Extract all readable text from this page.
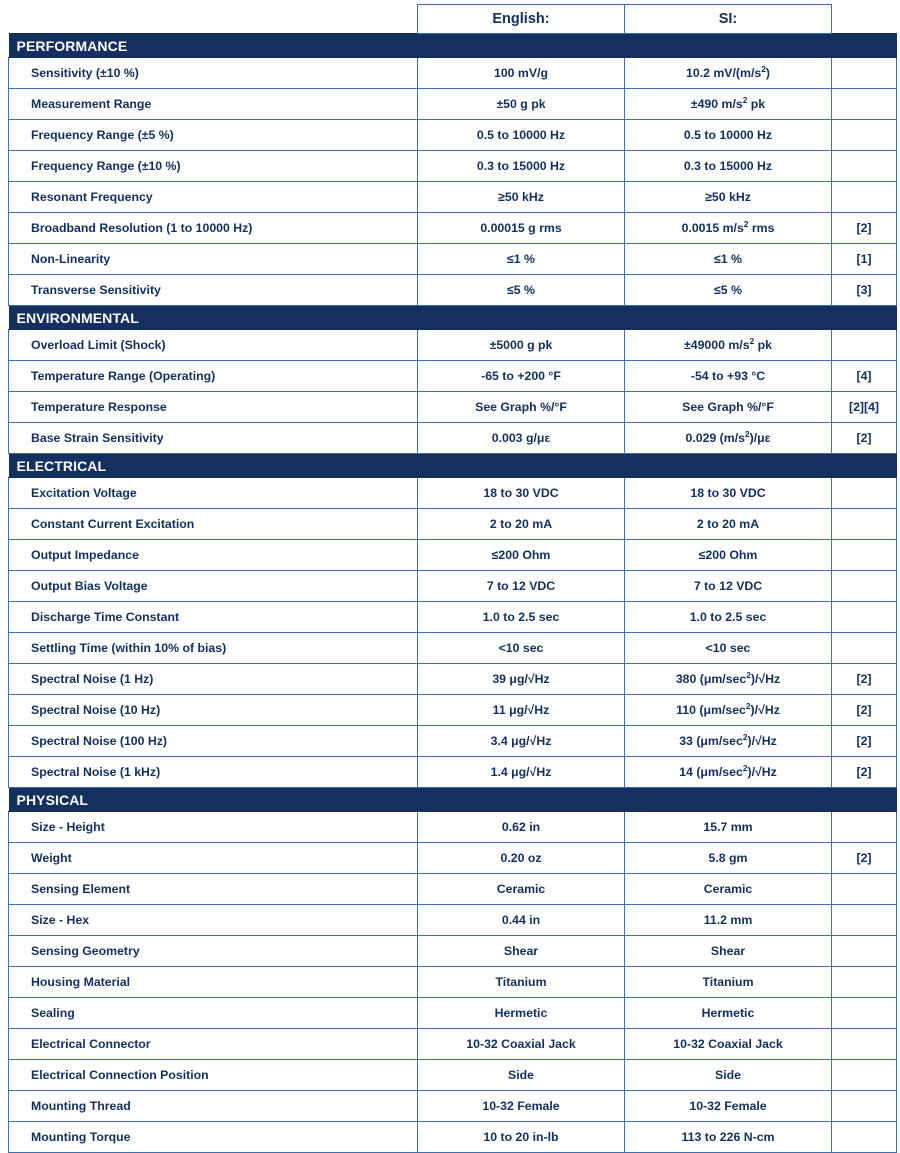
	English:	SI:	
PERFORMANCE			
Sensitivity (±10 %)	100 mV/g	10.2 $mV/(m/s^2)$	
Measurement Range	±50 g pk	±490 $m/s^2$ pk	
Frequency Range (±5 %)	0.5 to 10000 Hz	0.5 to 10000 Hz	
Frequency Range (±10 %)	0.3 to 15000 Hz	0.3 to 15000 Hz	
Resonant Frequency	≥50 kHz	≥50 kHz	
Broadband Resolution (1 to 10000 Hz)	0.00015 g rms	0.0015 $m/s^2$ rms	[2]
Non-Linearity	≤1 %	≤1 %	[1]
Transverse Sensitivity	≤5 %	≤5 %	[3]
ENVIRONMENTAL			
Overload Limit (Shock)	±5000 g pk	±49000 $m/s^2$ pk	
Temperature Range (Operating)	-65 to +200 °F	-54 to +93 °C	[4]
Temperature Response	See Graph %/°F	See Graph %/°F	[2][4]
Base Strain Sensitivity	0.003 g/με	0.029 $(m/s^2)/\mu\varepsilon$	[2]
ELECTRICAL			
Excitation Voltage	18 to 30 VDC	18 to 30 VDC	
Constant Current Excitation	2 to 20 mA	2 to 20 mA	
Output Impedance	≤200 Ohm	≤200 Ohm	
Output Bias Voltage	7 to 12 VDC	7 to 12 VDC	
Discharge Time Constant	1.0 to 2.5 sec	1.0 to 2.5 sec	
Settling Time (within 10% of bias)	<10 sec	<10 sec	
Spectral Noise (1 Hz)	39 μg/√Hz	380 $(\mu m/\sec^2)/√Hz$	[2]
Spectral Noise (10 Hz)	11 μg/√Hz	110 $(\mu m/\sec^2)/√Hz$	[2]
Spectral Noise (100 Hz)	3.4 μg/√Hz	33 $(\mu m/\sec^2)/√Hz$	[2]
Spectral Noise (1 kHz)	1.4 μg/√Hz	14 $(\mu m/\sec^2)/√Hz$	[2]
PHYSICAL			
Size - Height	0.62 in	15.7 mm	
Weight	0.20 oz	5.8 gm	[2]
Sensing Element	Ceramic	Ceramic	
Size - Hex	0.44 in	11.2 mm	
Sensing Geometry	Shear	Shear	
Housing Material	Titanium	Titanium	
Sealing	Hermetic	Hermetic	
Electrical Connector	10-32 Coaxial Jack	10-32 Coaxial Jack	
Electrical Connection Position	Side	Side	
Mounting Thread	10-32 Female	10-32 Female	
Mounting Torque	10 to 20 in-lb	113 to 226 N-cm	
